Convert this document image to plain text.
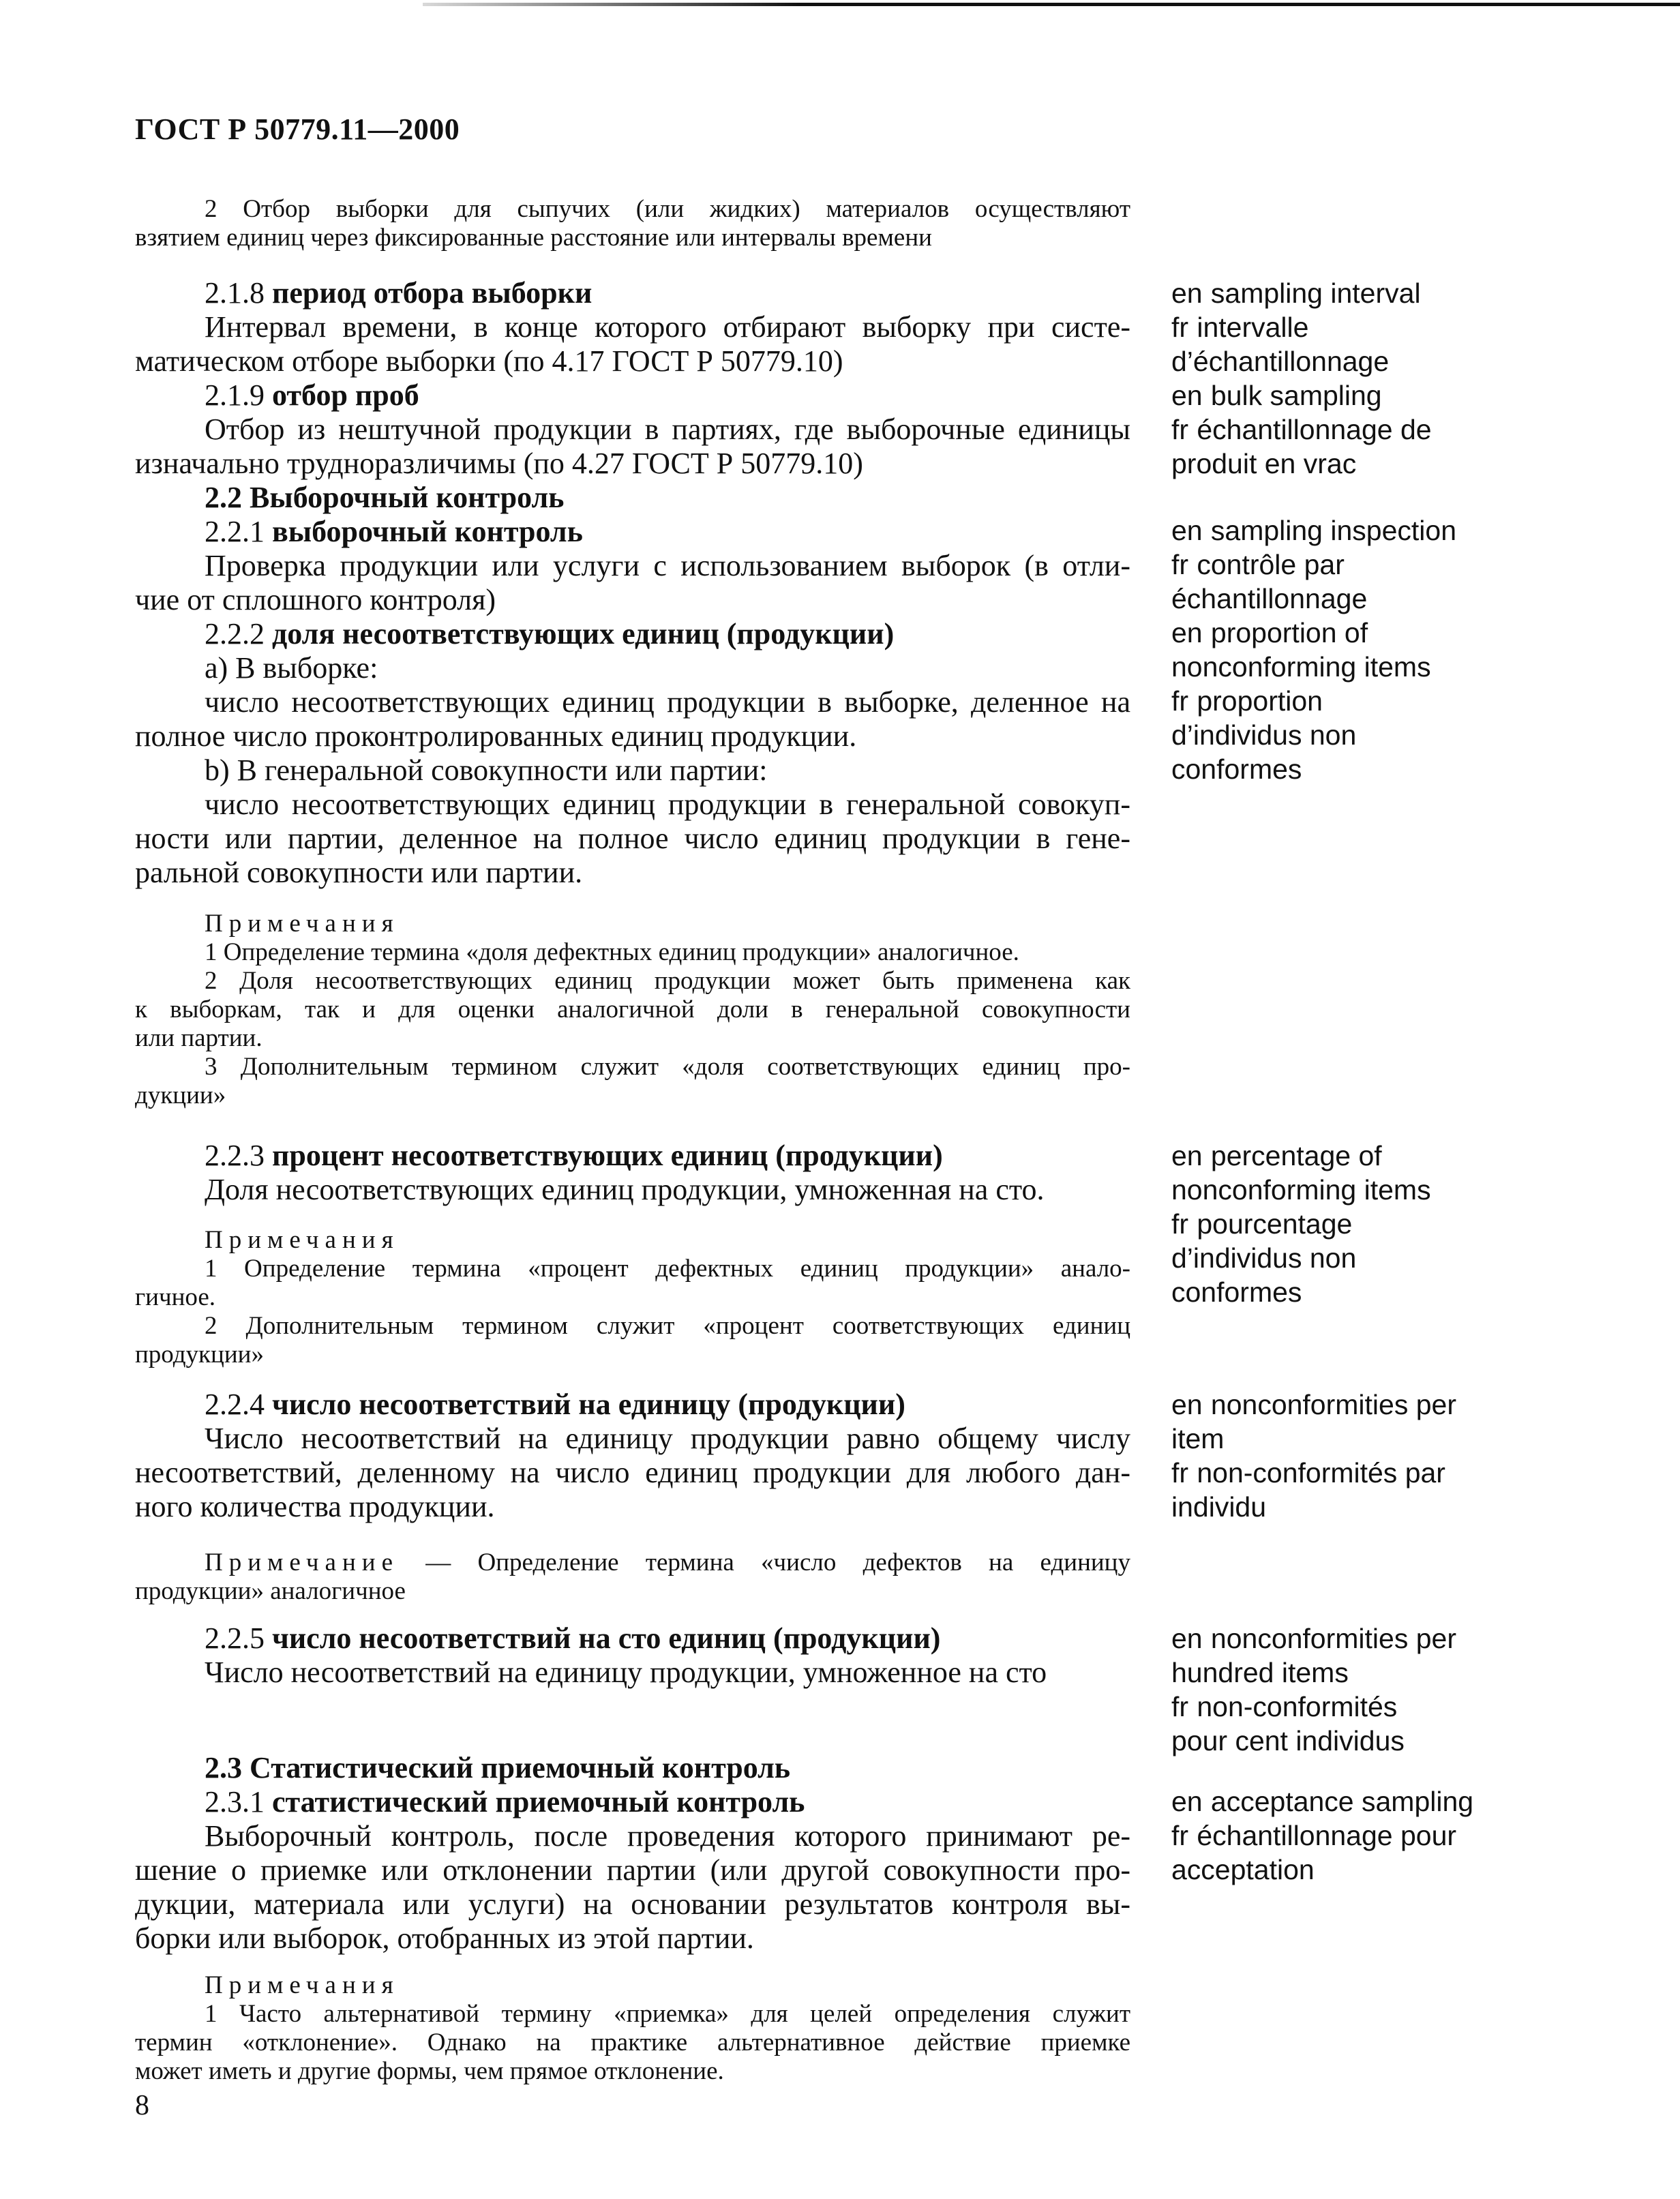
ГОСТ Р 50779.11—2000
2 Отбор выборки для сыпучих (или жидких) материалов осуществляют
взятием единиц через фиксированные расстояние или интервалы времени
2.1.8 период отбора выборки
Интервал времени, в конце которого отбирают выборку при систе-
матическом отборе выборки (по 4.17 ГОСТ Р 50779.10)
2.1.9 отбор проб
Отбор из нештучной продукции в партиях, где выборочные единицы
изначально трудноразличимы (по 4.27 ГОСТ Р 50779.10)
2.2 Выборочный контроль
2.2.1 выборочный контроль
Проверка продукции или услуги с использованием выборок (в отли-
чие от сплошного контроля)
2.2.2 доля несоответствующих единиц (продукции)
а) В выборке:
число несоответствующих единиц продукции в выборке, деленное на
полное число проконтролированных единиц продукции.
b) В генеральной совокупности или партии:
число несоответствующих единиц продукции в генеральной совокуп-
ности или партии, деленное на полное число единиц продукции в гене-
ральной совокупности или партии.
Примечания
1 Определение термина «доля дефектных единиц продукции» аналогичное.
2 Доля несоответствующих единиц продукции может быть применена как
к выборкам, так и для оценки аналогичной доли в генеральной совокупности
или партии.
3 Дополнительным термином служит «доля соответствующих единиц про-
дукции»
2.2.3 процент несоответствующих единиц (продукции)
Доля несоответствующих единиц продукции, умноженная на сто.
Примечания
1 Определение термина «процент дефектных единиц продукции» анало-
гичное.
2 Дополнительным термином служит «процент соответствующих единиц
продукции»
2.2.4 число несоответствий на единицу (продукции)
Число несоответствий на единицу продукции равно общему числу
несоответствий, деленному на число единиц продукции для любого дан-
ного количества продукции.
Примечание — Определение термина «число дефектов на единицу
продукции» аналогичное
2.2.5 число несоответствий на сто единиц (продукции)
Число несоответствий на единицу продукции, умноженное на сто
2.3 Статистический приемочный контроль
2.3.1 статистический приемочный контроль
Выборочный контроль, после проведения которого принимают ре-
шение о приемке или отклонении партии (или другой совокупности про-
дукции, материала или услуги) на основании результатов контроля вы-
борки или выборок, отобранных из этой партии.
Примечания
1 Часто альтернативой термину «приемка» для целей определения служит
термин «отклонение». Однако на практике альтернативное действие приемке
может иметь и другие формы, чем прямое отклонение.
en sampling interval
fr intervalle
d’échantillonnage
en bulk sampling
fr échantillonnage de
produit en vrac
en sampling inspection
fr contrôle par
échantillonnage
en proportion of
nonconforming items
fr proportion
d’individus non
conformes
en percentage of
nonconforming items
fr pourcentage
d’individus non
conformes
en nonconformities per
item
fr non-conformités par
individu
en nonconformities per
hundred items
fr non-conformités
pour cent individus
en acceptance sampling
fr échantillonnage pour
acceptation
8
